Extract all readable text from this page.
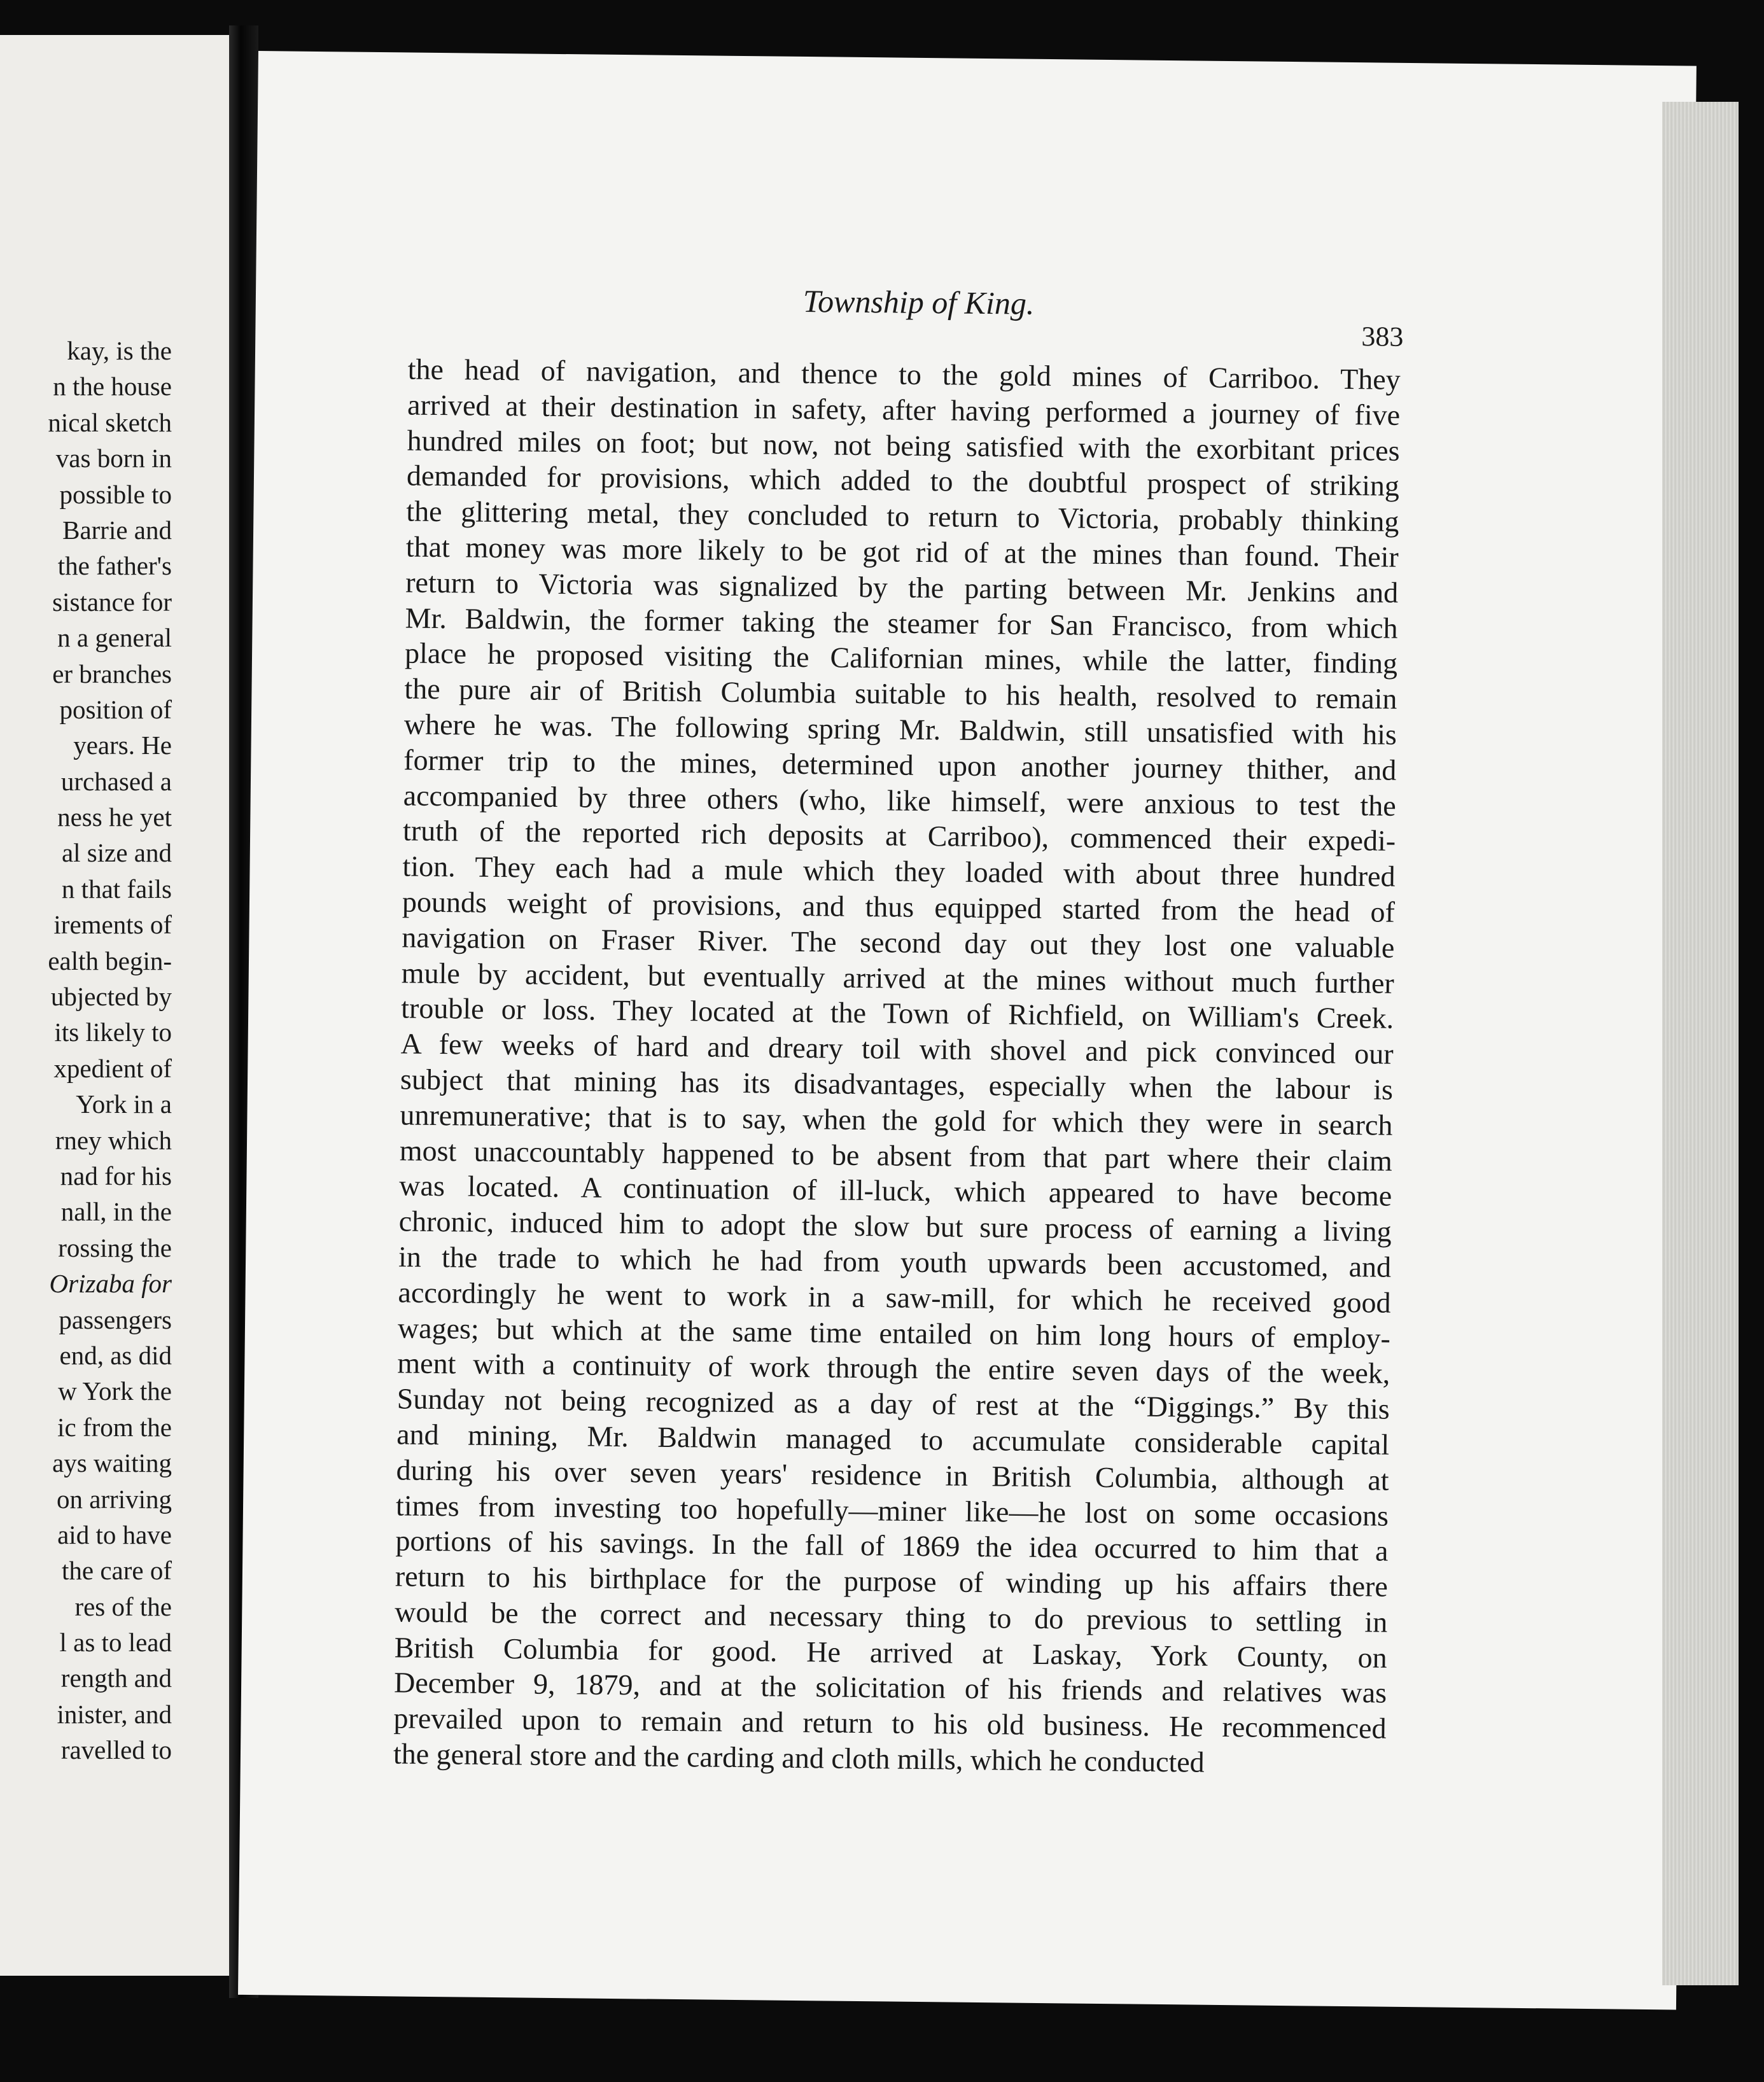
kay, is the
n the house
nical sketch
vas born in
possible to
Barrie and
the father's
sistance for
n a general
er branches
position of
years. He
urchased a
ness he yet
al size and
n that fails
irements of
ealth begin-
ubjected by
its likely to
xpedient of
York in a
rney which
nad for his
nall, in the
rossing the
Orizaba for
passengers
end, as did
w York the
ic from the
ays waiting
on arriving
aid to have
the care of
res of the
l as to lead
rength and
inister, and
ravelled to
Township of King.
383
the head of navigation, and thence to the gold mines of Carriboo. They
arrived at their destination in safety, after having performed a journey of five
hundred miles on foot; but now, not being satisfied with the exorbitant prices
demanded for provisions, which added to the doubtful prospect of striking
the glittering metal, they concluded to return to Victoria, probably thinking
that money was more likely to be got rid of at the mines than found. Their
return to Victoria was signalized by the parting between Mr. Jenkins and
Mr. Baldwin, the former taking the steamer for San Francisco, from which
place he proposed visiting the Californian mines, while the latter, finding
the pure air of British Columbia suitable to his health, resolved to remain
where he was. The following spring Mr. Baldwin, still unsatisfied with his
former trip to the mines, determined upon another journey thither, and
accompanied by three others (who, like himself, were anxious to test the
truth of the reported rich deposits at Carriboo), commenced their expedi-
tion. They each had a mule which they loaded with about three hundred
pounds weight of provisions, and thus equipped started from the head of
navigation on Fraser River. The second day out they lost one valuable
mule by accident, but eventually arrived at the mines without much further
trouble or loss. They located at the Town of Richfield, on William's Creek.
A few weeks of hard and dreary toil with shovel and pick convinced our
subject that mining has its disadvantages, especially when the labour is
unremunerative; that is to say, when the gold for which they were in search
most unaccountably happened to be absent from that part where their claim
was located. A continuation of ill-luck, which appeared to have become
chronic, induced him to adopt the slow but sure process of earning a living
in the trade to which he had from youth upwards been accustomed, and
accordingly he went to work in a saw-mill, for which he received good
wages; but which at the same time entailed on him long hours of employ-
ment with a continuity of work through the entire seven days of the week,
Sunday not being recognized as a day of rest at the “Diggings.” By this
and mining, Mr. Baldwin managed to accumulate considerable capital
during his over seven years' residence in British Columbia, although at
times from investing too hopefully—miner like—he lost on some occasions
portions of his savings. In the fall of 1869 the idea occurred to him that a
return to his birthplace for the purpose of winding up his affairs there
would be the correct and necessary thing to do previous to settling in
British Columbia for good. He arrived at Laskay, York County, on
December 9, 1879, and at the solicitation of his friends and relatives was
prevailed upon to remain and return to his old business. He recommenced
the general store and the carding and cloth mills, which he conducted
